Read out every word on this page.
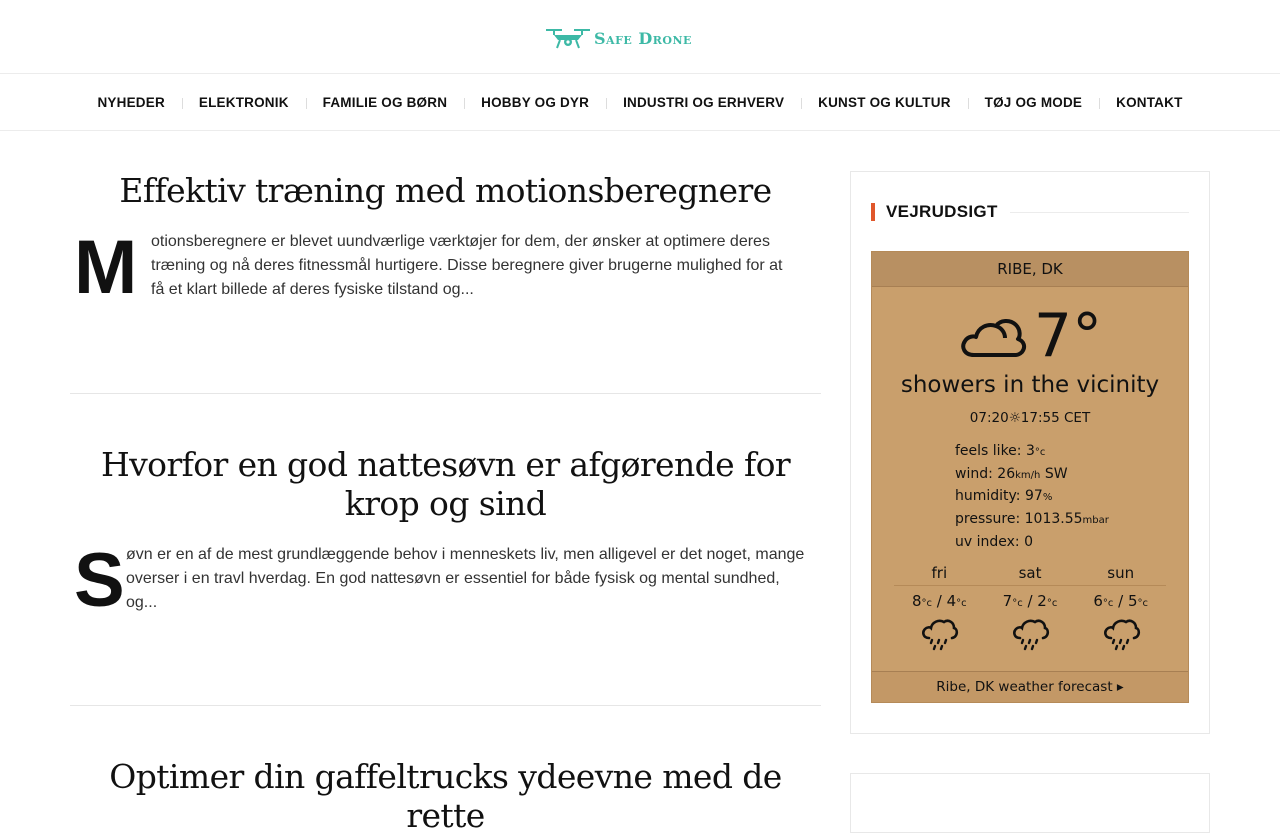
Safe Drone
NYHEDER	ELEKTRONIK	FAMILIE OG BØRN	HOBBY OG DYR	INDUSTRI OG ERHVERV	KUNST OG KULTUR	TØJ OG MODE	KONTAKT
Effektiv træning med motionsberegnere
M otionsberegnere er blevet uundværlige værktøjer for dem, der ønsker at optimere deres træning og nå deres fitnessmål hurtigere. Disse beregnere giver brugerne mulighed for at få et klart billede af deres fysiske tilstand og...

Hvorfor en god nattesøvn er afgørende for krop og sind
S øvn er en af de mest grundlæggende behov i menneskets liv, men alligevel er det noget, mange overser i en travl hverdag. En god nattesøvn er essentiel for både fysisk og mental sundhed, og...

Optimer din gaffeltrucks ydeevne med de rette
VEJRUDSIGT
RIBE, DK
7°
showers in the vicinity
07:20☼17:55 CET
feels like: 3°c
wind: 26km/h SW
humidity: 97%
pressure: 1013.55mbar
uv index: 0
fri	sat	sun
8°c / 4°c	7°c / 2°c	6°c / 5°c
Ribe, DK weather forecast ▸
